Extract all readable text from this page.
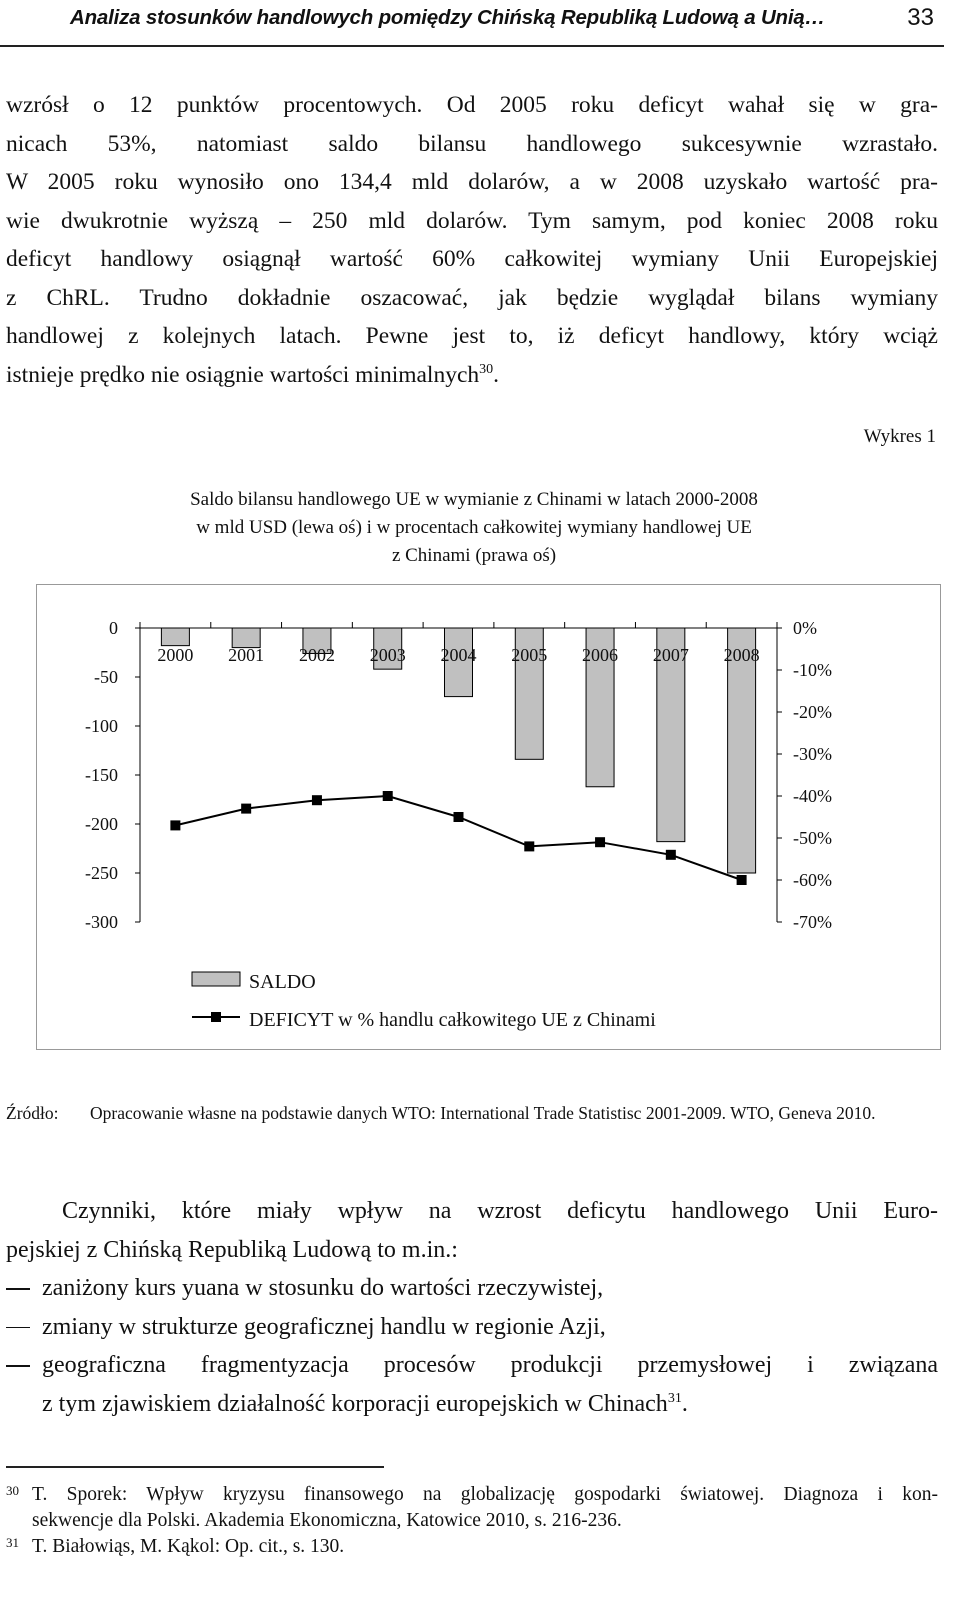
Analiza stosunków handlowych pomiędzy Chińską Republiką Ludową a Unią…	33

wzrósł o 12 punktów procentowych. Od 2005 roku deficyt wahał się w gra-
nicach 53%, natomiast saldo bilansu handlowego sukcesywnie wzrastało.
W 2005 roku wynosiło ono 134,4 mld dolarów, a w 2008 uzyskało wartość pra-
wie dwukrotnie wyższą – 250 mld dolarów. Tym samym, pod koniec 2008 roku
deficyt handlowy osiągnął wartość 60% całkowitej wymiany Unii Europejskiej
z ChRL. Trudno dokładnie oszacować, jak będzie wyglądał bilans wymiany
handlowej z kolejnych latach. Pewne jest to, iż deficyt handlowy, który wciąż
istnieje prędko nie osiągnie wartości minimalnych$^{30}$.

Wykres 1
Saldo bilansu handlowego UE w wymianie z Chinami w latach 2000-2008
w mld USD (lewa oś) i w procentach całkowitej wymiany handlowej UE
z Chinami (prawa oś)
0
-50
-100
-150
-200
-250
-300
0%
-10%
-20%
-30%
-40%
-50%
-60%
-70%
2000 2001 2002 2003 2004 2005 2006 2007 2008
SALDO
DEFICYT w % handlu całkowitego UE z Chinami
Źródło: Opracowanie własne na podstawie danych WTO: International Trade Statistisc 2001-2009. WTO, Geneva 2010.
Czynniki, które miały wpływ na wzrost deficytu handlowego Unii Euro-
pejskiej z Chińską Republiką Ludową to m.in.:
zaniżony kurs yuana w stosunku do wartości rzeczywistej,
zmiany w strukturze geograficznej handlu w regionie Azji,
geograficzna fragmentyzacja procesów produkcji przemysłowej i związana
z tym zjawiskiem działalność korporacji europejskich w Chinach$^{31}$.
30 T. Sporek: Wpływ kryzysu finansowego na globalizację gospodarki światowej. Diagnoza i kon-
sekwencje dla Polski. Akademia Ekonomiczna, Katowice 2010, s. 216-236.
31 T. Białowiąs, M. Kąkol: Op. cit., s. 130.
